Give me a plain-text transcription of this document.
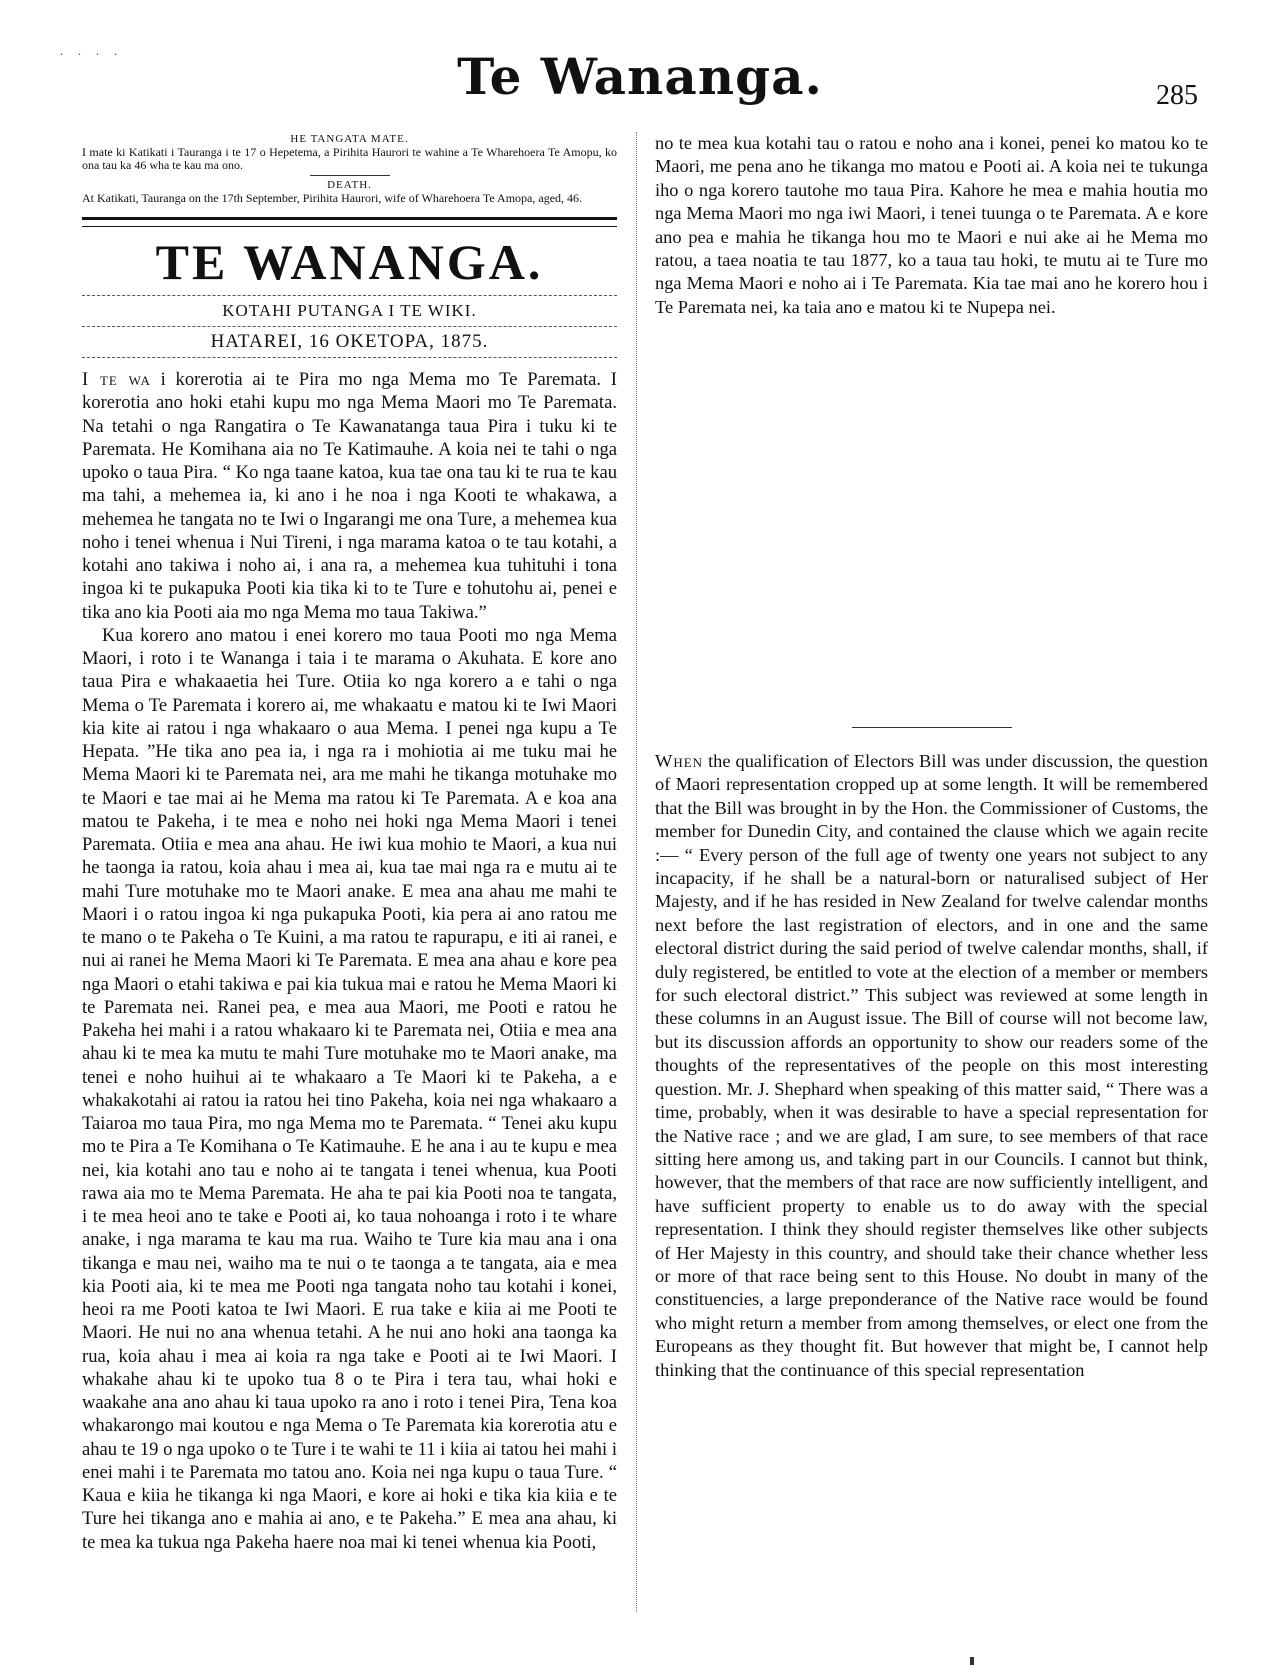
. . . .	Te Wananga.	285

HE TANGATA MATE.

I mate ki Katikati i Tauranga i te 17 o Hepetema, a Pirihita Haurori te wahine a Te Wharehoera Te Amopu, ko ona tau ka 46 wha te kau ma ono.

DEATH.

At Katikati, Tauranga on the 17th September, Pirihita Haurori, wife of Wharehoera Te Amopa, aged, 46.

TE WANANGA.
KOTAHI PUTANGA I TE WIKI.
HATAREI, 16 OKETOPA, 1875.

I te wa i korerotia ai te Pira mo nga Mema mo Te Paremata. I korerotia ano hoki etahi kupu mo nga Mema Maori mo Te Paremata. Na tetahi o nga Rangatira o Te Kawanatanga taua Pira i tuku ki te Paremata. He Komihana aia no Te Katimauhe. A koia nei te tahi o nga upoko o taua Pira. “ Ko nga taane katoa, kua tae ona tau ki te rua te kau ma tahi, a mehemea ia, ki ano i he noa i nga Kooti te whakawa, a mehemea he tangata no te Iwi o Ingarangi me ona Ture, a mehemea kua noho i tenei whenua i Nui Tireni, i nga marama katoa o te tau kotahi, a kotahi ano takiwa i noho ai, i ana ra, a mehemea kua tuhituhi i tona ingoa ki te pukapuka Pooti kia tika ki to te Ture e tohutohu ai, penei e tika ano kia Pooti aia mo nga Mema mo taua Takiwa.”

Kua korero ano matou i enei korero mo taua Pooti mo nga Mema Maori, i roto i te Wananga i taia i te marama o Akuhata. E kore ano taua Pira e whakaaetia hei Ture. Otiia ko nga korero a e tahi o nga Mema o Te Paremata i korero ai, me whakaatu e matou ki te Iwi Maori kia kite ai ratou i nga whakaaro o aua Mema. I penei nga kupu a Te Hepata. ”He tika ano pea ia, i nga ra i mohiotia ai me tuku mai he Mema Maori ki te Paremata nei, ara me mahi he tikanga motuhake mo te Maori e tae mai ai he Mema ma ratou ki Te Paremata. A e koa ana matou te Pakeha, i te mea e noho nei hoki nga Mema Maori i tenei Paremata. Otiia e mea ana ahau. He iwi kua mohio te Maori, a kua nui he taonga ia ratou, koia ahau i mea ai, kua tae mai nga ra e mutu ai te mahi Ture motuhake mo te Maori anake. E mea ana ahau me mahi te Maori i o ratou ingoa ki nga pukapuka Pooti, kia pera ai ano ratou me te mano o te Pakeha o Te Kuini, a ma ratou te rapurapu, e iti ai ranei, e nui ai ranei he Mema Maori ki Te Paremata. E mea ana ahau e kore pea nga Maori o etahi takiwa e pai kia tukua mai e ratou he Mema Maori ki te Paremata nei. Ranei pea, e mea aua Maori, me Pooti e ratou he Pakeha hei mahi i a ratou whakaaro ki te Paremata nei, Otiia e mea ana ahau ki te mea ka mutu te mahi Ture motuhake mo te Maori anake, ma tenei e noho huihui ai te whakaaro a Te Maori ki te Pakeha, a e whakakotahi ai ratou ia ratou hei tino Pakeha, koia nei nga whakaaro a Taiaroa mo taua Pira, mo nga Mema mo te Paremata. “ Tenei aku kupu mo te Pira a Te Komihana o Te Katimauhe. E he ana i au te kupu e mea nei, kia kotahi ano tau e noho ai te tangata i tenei whenua, kua Pooti rawa aia mo te Mema Paremata. He aha te pai kia Pooti noa te tangata, i te mea heoi ano te take e Pooti ai, ko taua nohoanga i roto i te whare anake, i nga marama te kau ma rua. Waiho te Ture kia mau ana i ona tikanga e mau nei, waiho ma te nui o te taonga a te tangata, aia e mea kia Pooti aia, ki te mea me Pooti nga tangata noho tau kotahi i konei, heoi ra me Pooti katoa te Iwi Maori. E rua take e kiia ai me Pooti te Maori. He nui no ana whenua tetahi. A he nui ano hoki ana taonga ka rua, koia ahau i mea ai koia ra nga take e Pooti ai te Iwi Maori. I whakahe ahau ki te upoko tua 8 o te Pira i tera tau, whai hoki e waakahe ana ano ahau ki taua upoko ra ano i roto i tenei Pira, Tena koa whakarongo mai koutou e nga Mema o Te Paremata kia korerotia atu e ahau te 19 o nga upoko o te Ture i te wahi te 11 i kiia ai tatou hei mahi i enei mahi i te Paremata mo tatou ano. Koia nei nga kupu o taua Ture. “ Kaua e kiia he tikanga ki nga Maori, e kore ai hoki e tika kia kiia e te Ture hei tikanga ano e mahia ai ano, e te Pakeha.” E mea ana ahau, ki te mea ka tukua nga Pakeha haere noa mai ki tenei whenua kia Pooti,

no te mea kua kotahi tau o ratou e noho ana i konei, penei ko matou ko te Maori, me pena ano he tikanga mo matou e Pooti ai. A koia nei te tukunga iho o nga korero tautohe mo taua Pira. Kahore he mea e mahia houtia mo nga Mema Maori mo nga iwi Maori, i tenei tuunga o te Paremata. A e kore ano pea e mahia he tikanga hou mo te Maori e nui ake ai he Mema mo ratou, a taea noatia te tau 1877, ko a taua tau hoki, te mutu ai te Ture mo nga Mema Maori e noho ai i Te Paremata. Kia tae mai ano he korero hou i Te Paremata nei, ka taia ano e matou ki te Nupepa nei.

When the qualification of Electors Bill was under discussion, the question of Maori representation cropped up at some length. It will be remembered that the Bill was brought in by the Hon. the Commissioner of Customs, the member for Dunedin City, and contained the clause which we again recite :— “ Every person of the full age of twenty one years not subject to any incapacity, if he shall be a natural-born or naturalised subject of Her Majesty, and if he has resided in New Zealand for twelve calendar months next before the last registration of electors, and in one and the same electoral district during the said period of twelve calendar months, shall, if duly registered, be entitled to vote at the election of a member or members for such electoral district.” This subject was reviewed at some length in these columns in an August issue. The Bill of course will not become law, but its discussion affords an opportunity to show our readers some of the thoughts of the representatives of the people on this most interesting question. Mr. J. Shephard when speaking of this matter said, “ There was a time, probably, when it was desirable to have a special representation for the Native race ; and we are glad, I am sure, to see members of that race sitting here among us, and taking part in our Councils. I cannot but think, however, that the members of that race are now sufficiently intelligent, and have sufficient property to enable us to do away with the special representation. I think they should register themselves like other subjects of Her Majesty in this country, and should take their chance whether less or more of that race being sent to this House. No doubt in many of the constituencies, a large preponderance of the Native race would be found who might return a member from among themselves, or elect one from the Europeans as they thought fit. But however that might be, I cannot help thinking that the continuance of this special representation
